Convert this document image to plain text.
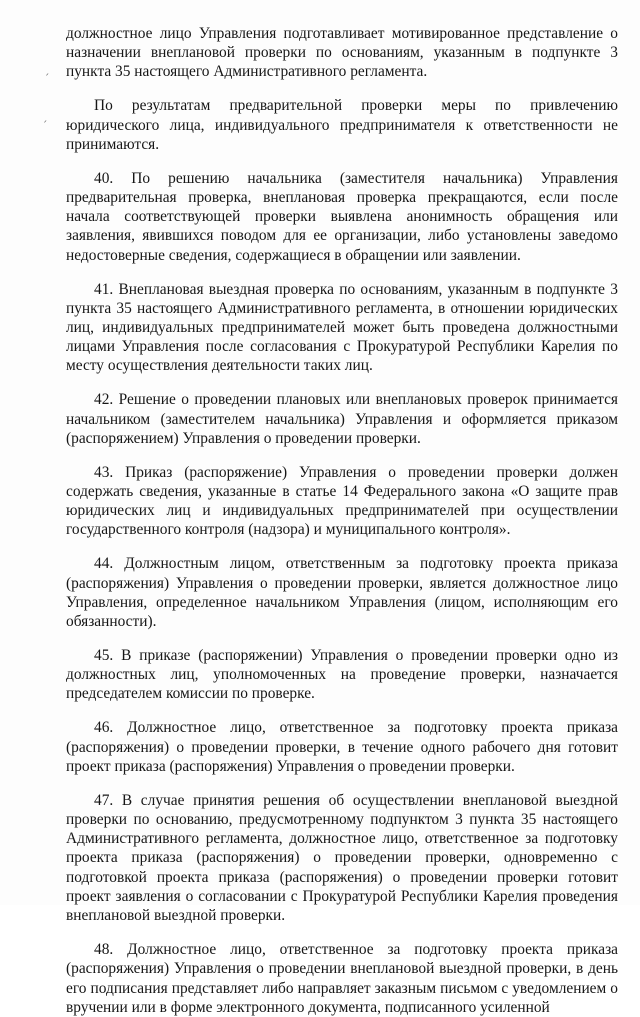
´
ˏ

должностное лицо Управления подготавливает мотивированное представление о назначении внеплановой проверки по основаниям, указанным в подпункте 3 пункта 35 настоящего Административного регламента.

По результатам предварительной проверки меры по привлечению юридического лица, индивидуального предпринимателя к ответственности не принимаются.

40. По решению начальника (заместителя начальника) Управления предварительная проверка, внеплановая проверка прекращаются, если после начала соответствующей проверки выявлена анонимность обращения или заявления, явившихся поводом для ее организации, либо установлены заведомо недостоверные сведения, содержащиеся в обращении или заявлении.

41. Внеплановая выездная проверка по основаниям, указанным в подпункте 3 пункта 35 настоящего Административного регламента, в отношении юридических лиц, индивидуальных предпринимателей может быть проведена должностными лицами Управления после согласования с Прокуратурой Республики Карелия по месту осуществления деятельности таких лиц.

42. Решение о проведении плановых или внеплановых проверок принимается начальником (заместителем начальника) Управления и оформляется приказом (распоряжением) Управления о проведении проверки.

43. Приказ (распоряжение) Управления о проведении проверки должен содержать сведения, указанные в статье 14 Федерального закона «О защите прав юридических лиц и индивидуальных предпринимателей при осуществлении государственного контроля (надзора) и муниципального контроля».

44. Должностным лицом, ответственным за подготовку проекта приказа (распоряжения) Управления о проведении проверки, является должностное лицо Управления, определенное начальником Управления (лицом, исполняющим его обязанности).

45. В приказе (распоряжении) Управления о проведении проверки одно из должностных лиц, уполномоченных на проведение проверки, назначается председателем комиссии по проверке.

46. Должностное лицо, ответственное за подготовку проекта приказа (распоряжения) о проведении проверки, в течение одного рабочего дня готовит проект приказа (распоряжения) Управления о проведении проверки.

47. В случае принятия решения об осуществлении внеплановой выездной проверки по основанию, предусмотренному подпунктом 3 пункта 35 настоящего Административного регламента, должностное лицо, ответственное за подготовку проекта приказа (распоряжения) о проведении проверки, одновременно с подготовкой проекта приказа (распоряжения) о проведении проверки готовит проект заявления о согласовании с Прокуратурой Республики Карелия проведения внеплановой выездной проверки.

48. Должностное лицо, ответственное за подготовку проекта приказа (распоряжения) Управления о проведении внеплановой выездной проверки, в день его подписания представляет либо направляет заказным письмом с уведомлением о вручении или в форме электронного документа, подписанного усиленной
